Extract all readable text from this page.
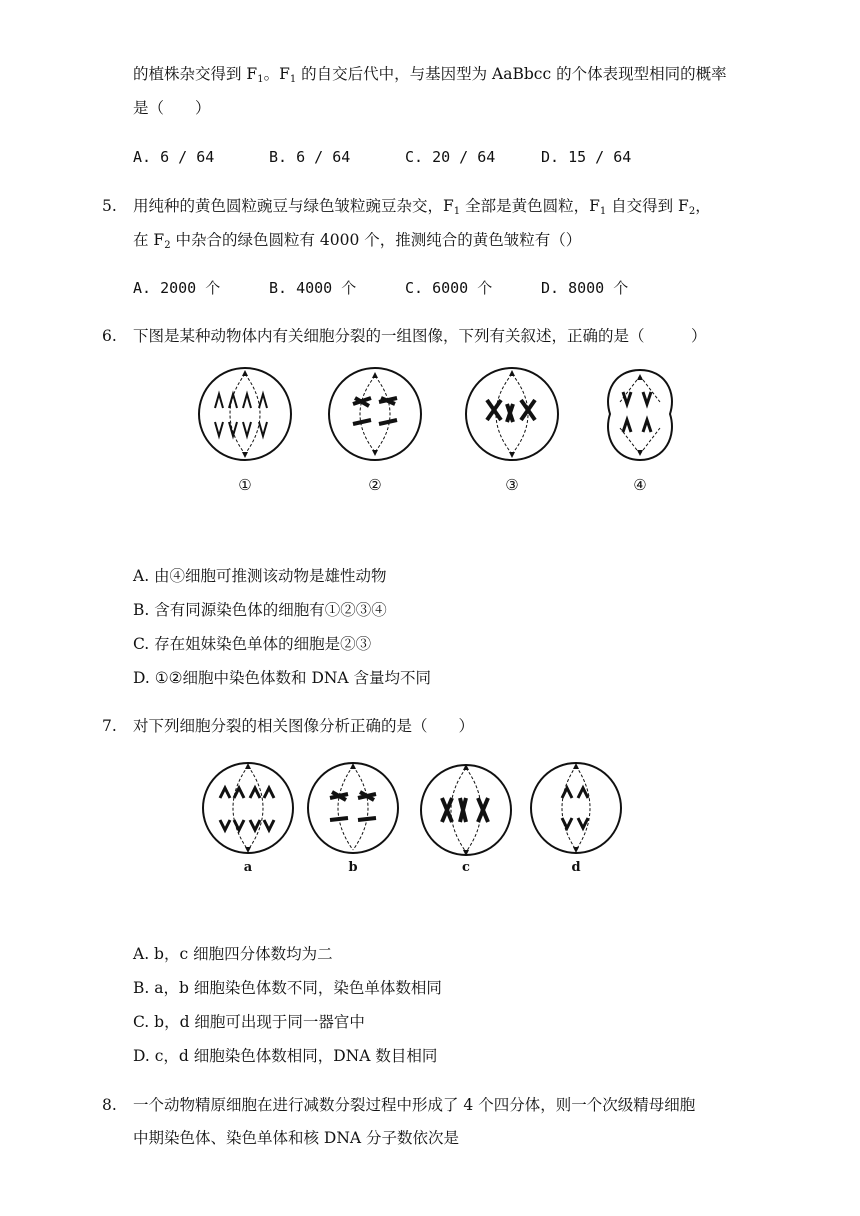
的植株杂交得到 $F_1$。$F_1$ 的自交后代中，与基因型为 AaBbcc 的个体表现型相同的概率
是（　　）
A. 6 / 64	B. 6 / 64	C. 20 / 64	D. 15 / 64
5. 用纯种的黄色圆粒豌豆与绿色皱粒豌豆杂交，$F_1$ 全部是黄色圆粒，$F_1$ 自交得到 $F_2$，
在 $F_2$ 中杂合的绿色圆粒有 4000 个，推测纯合的黄色皱粒有（）
A. 2000 个	B. 4000 个	C. 6000 个	D. 8000 个
6. 下图是某种动物体内有关细胞分裂的一组图像，下列有关叙述，正确的是（　　　）
①	②	③	④
A. 由④细胞可推测该动物是雄性动物
B. 含有同源染色体的细胞有①②③④
C. 存在姐妹染色单体的细胞是②③
D. ①②细胞中染色体数和 DNA 含量均不同
7. 对下列细胞分裂的相关图像分析正确的是（　　）
a	b	c	d
A. b，c 细胞四分体数均为二
B. a，b 细胞染色体数不同，染色单体数相同
C. b，d 细胞可出现于同一器官中
D. c，d 细胞染色体数相同，DNA 数目相同
8. 一个动物精原细胞在进行减数分裂过程中形成了 4 个四分体，则一个次级精母细胞
中期染色体、染色单体和核 DNA 分子数依次是
